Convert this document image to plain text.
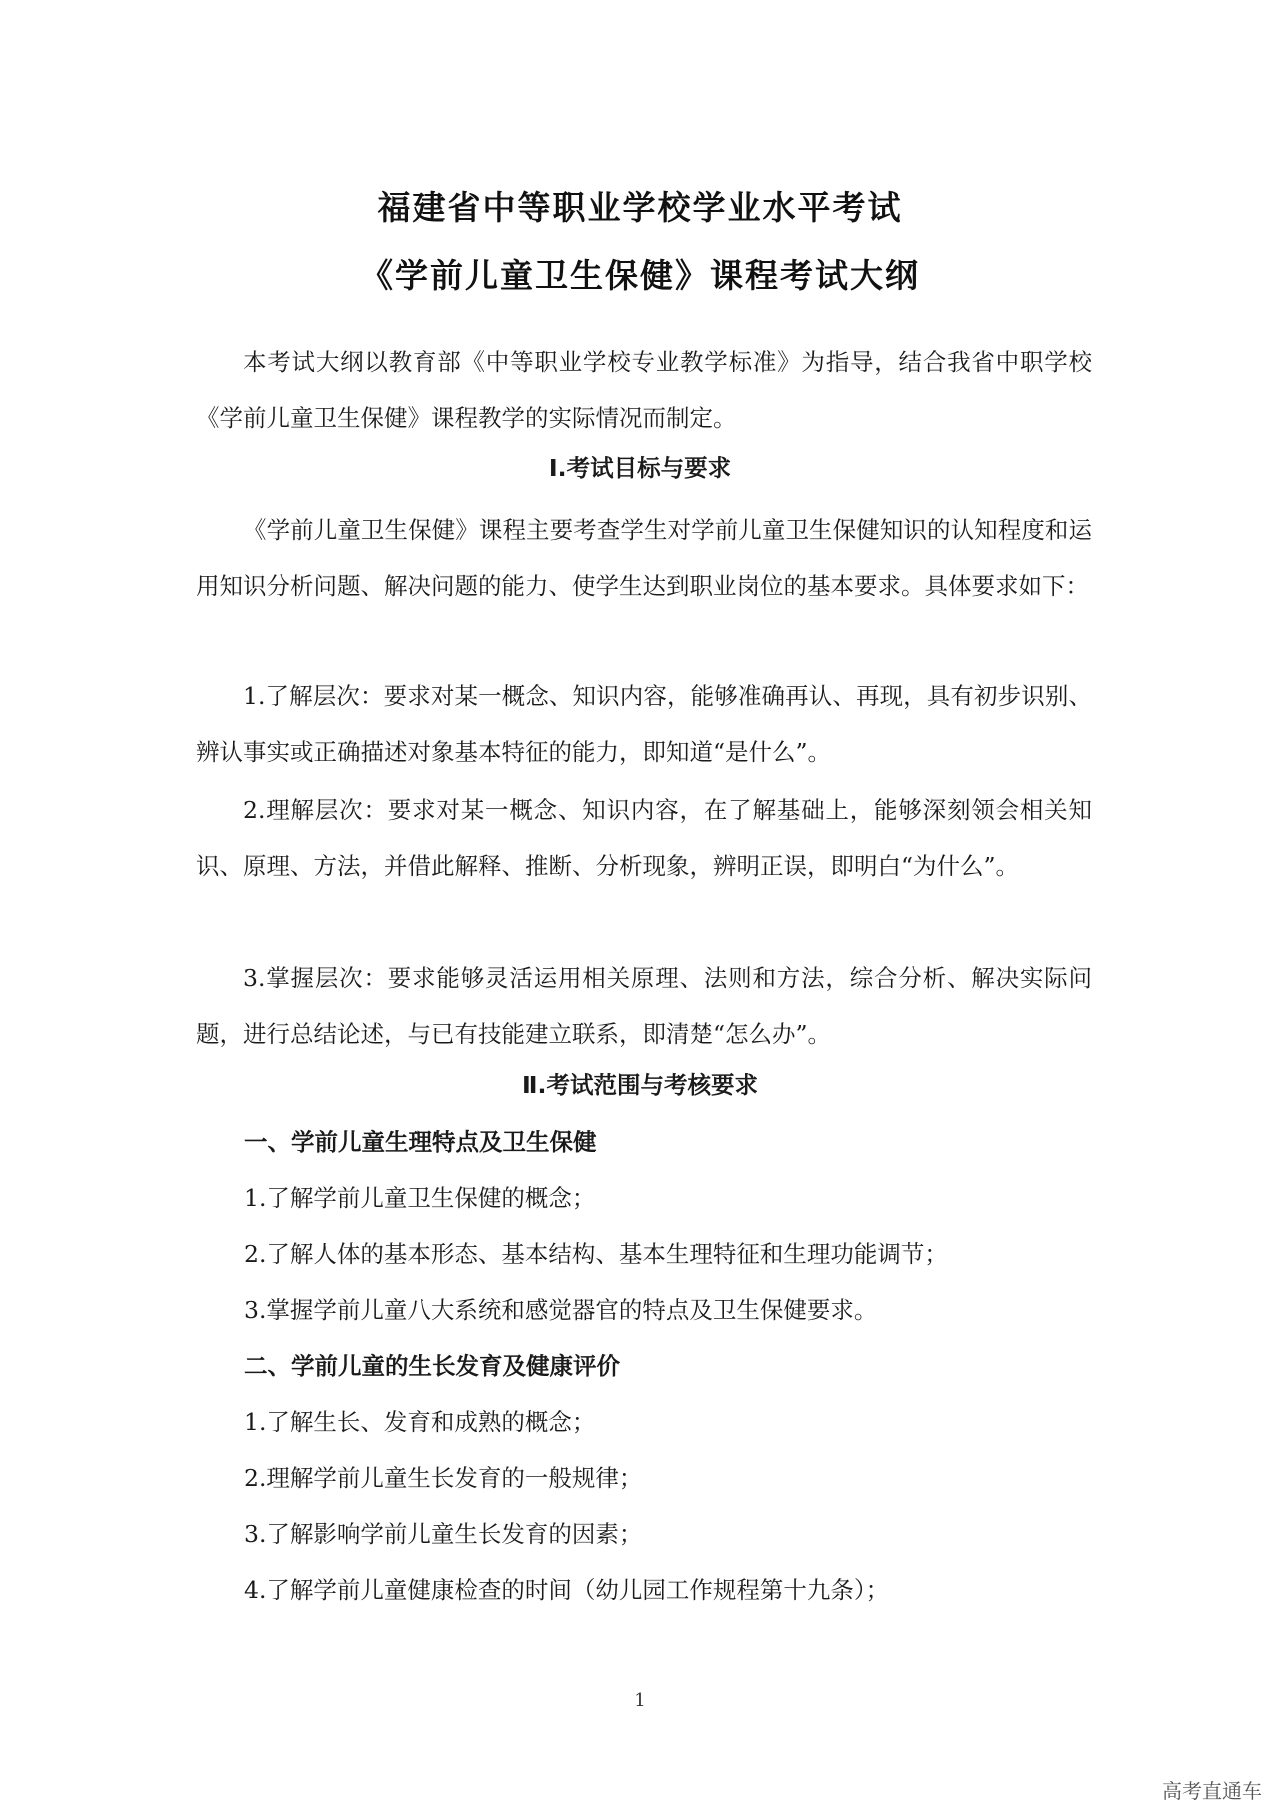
福建省中等职业学校学业水平考试
《学前儿童卫生保健》课程考试大纲
本考试大纲以教育部《中等职业学校专业教学标准》为指导，结合我省中职学校《学前儿童卫生保健》课程教学的实际情况而制定。
Ⅰ.考试目标与要求
《学前儿童卫生保健》课程主要考查学生对学前儿童卫生保健知识的认知程度和运用知识分析问题、解决问题的能力、使学生达到职业岗位的基本要求。具体要求如下：
1.了解层次：要求对某一概念、知识内容，能够准确再认、再现，具有初步识别、辨认事实或正确描述对象基本特征的能力，即知道“是什么”。
2.理解层次：要求对某一概念、知识内容，在了解基础上，能够深刻领会相关知识、原理、方法，并借此解释、推断、分析现象，辨明正误，即明白“为什么”。
3.掌握层次：要求能够灵活运用相关原理、法则和方法，综合分析、解决实际问题，进行总结论述，与已有技能建立联系，即清楚“怎么办”。
Ⅱ.考试范围与考核要求
一、学前儿童生理特点及卫生保健
1.了解学前儿童卫生保健的概念；
2.了解人体的基本形态、基本结构、基本生理特征和生理功能调节；
3.掌握学前儿童八大系统和感觉器官的特点及卫生保健要求。
二、学前儿童的生长发育及健康评价
1.了解生长、发育和成熟的概念；
2.理解学前儿童生长发育的一般规律；
3.了解影响学前儿童生长发育的因素；
4.了解学前儿童健康检查的时间（幼儿园工作规程第十九条）；
1
高考直通车
